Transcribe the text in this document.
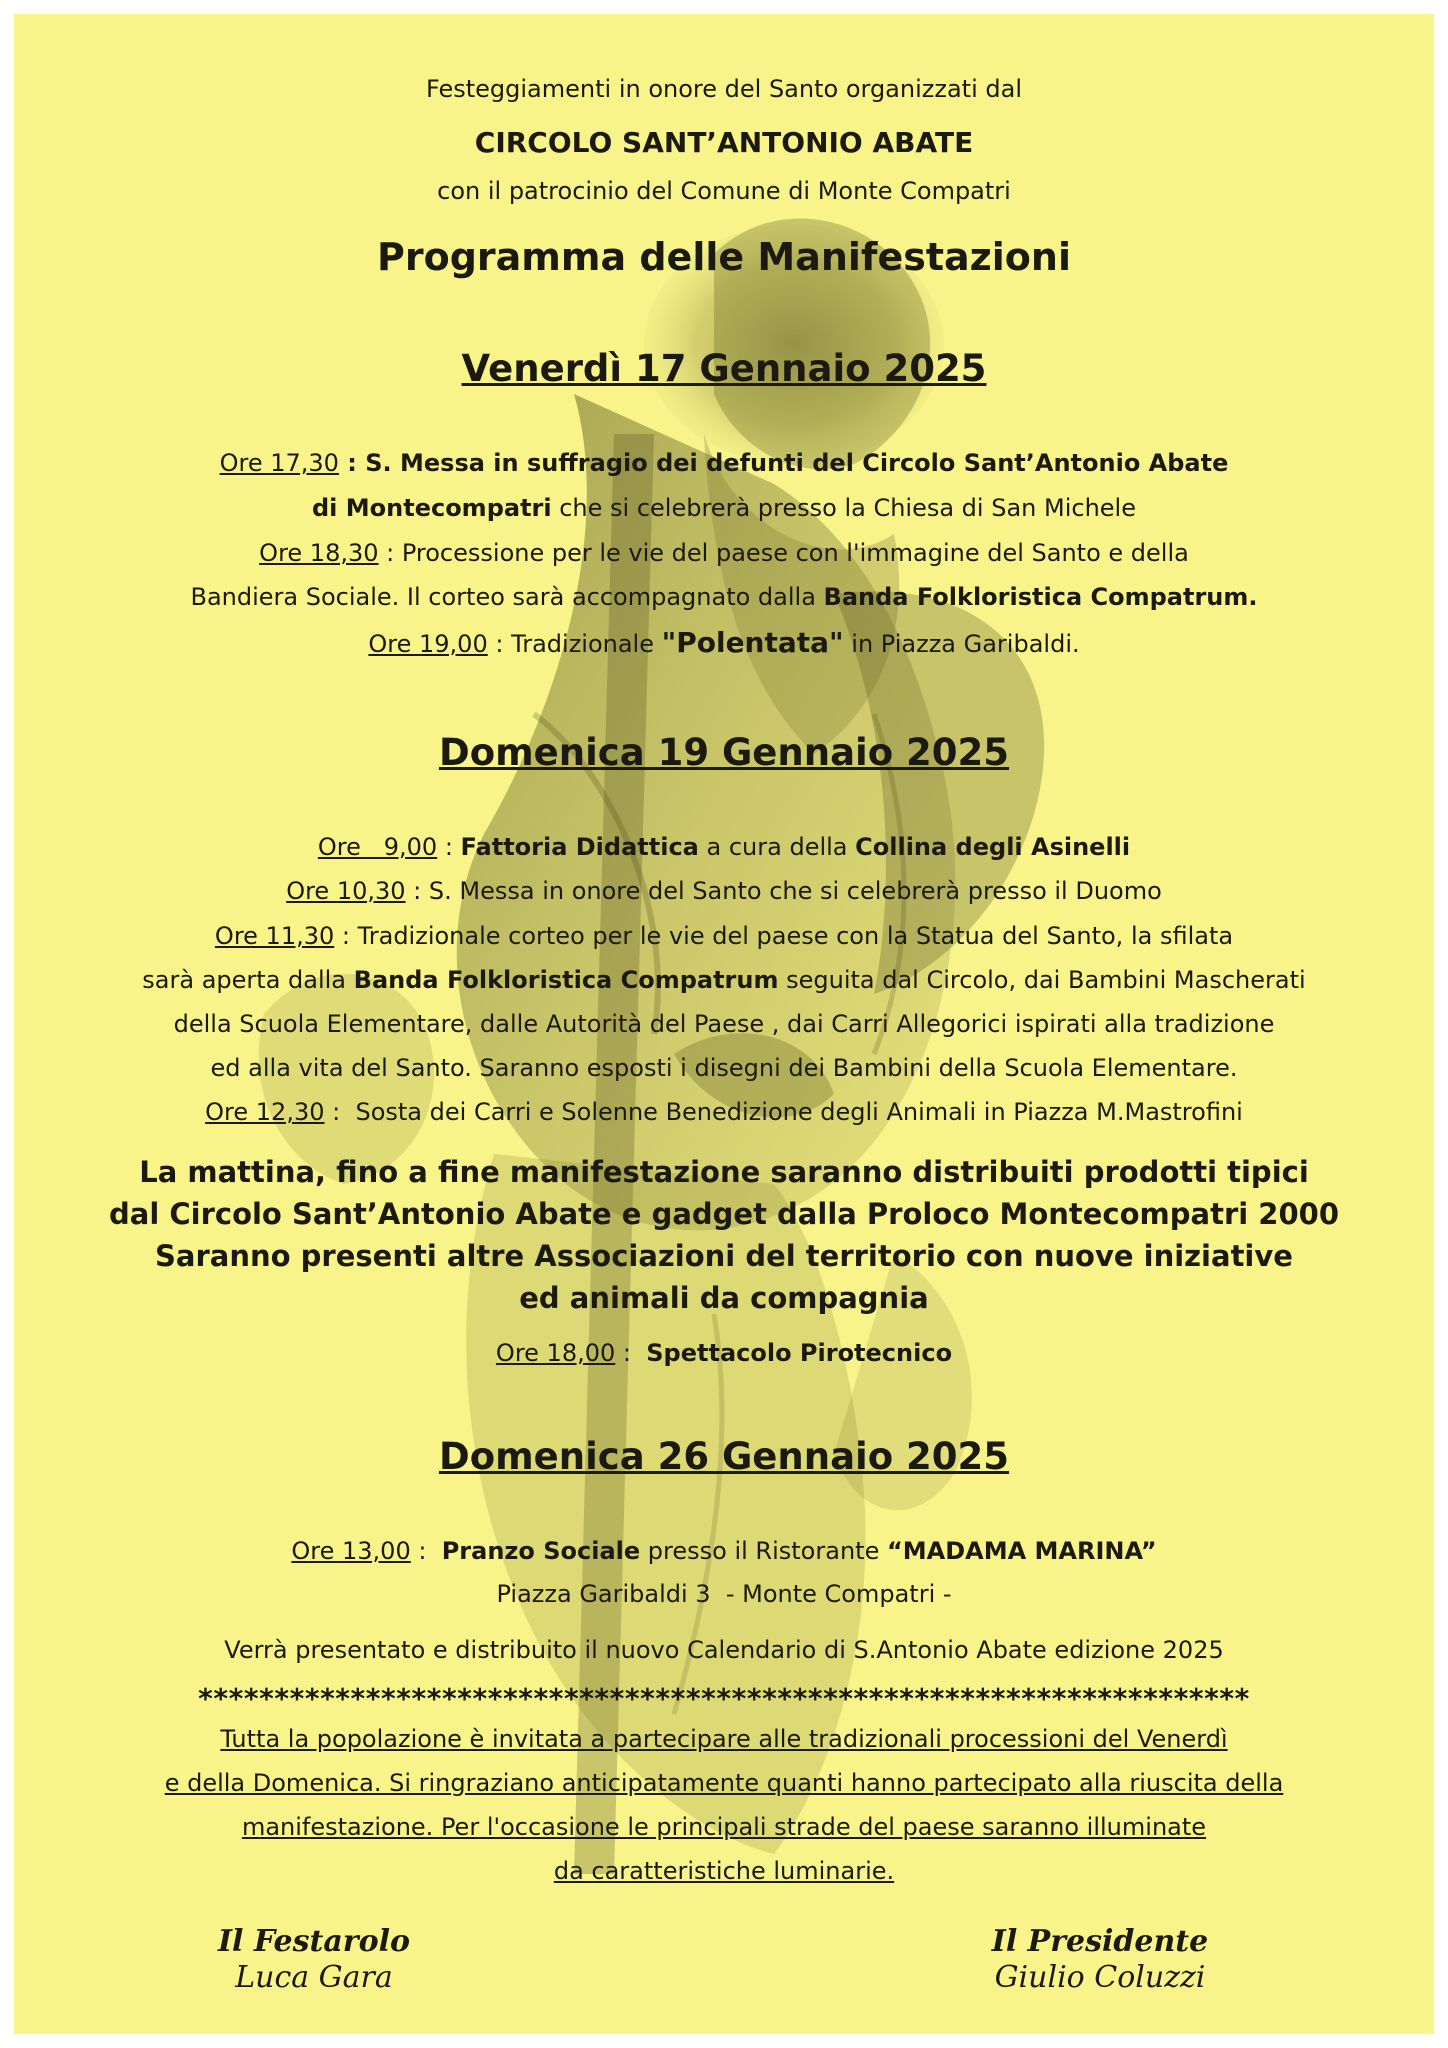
Festeggiamenti in onore del Santo organizzati dal
CIRCOLO SANT’ANTONIO ABATE
con il patrocinio del Comune di Monte Compatri
Programma delle Manifestazioni
Venerdì 17 Gennaio 2025
Ore 17,30 : S. Messa in suffragio dei defunti del Circolo Sant’Antonio Abate
di Montecompatri che si celebrerà presso la Chiesa di San Michele
Ore 18,30 : Processione per le vie del paese con l'immagine del Santo e della
Bandiera Sociale. Il corteo sarà accompagnato dalla Banda Folkloristica Compatrum.
Ore 19,00 : Tradizionale "Polentata" in Piazza Garibaldi.
Domenica 19 Gennaio 2025
Ore   9,00 : Fattoria Didattica a cura della Collina degli Asinelli
Ore 10,30 : S. Messa in onore del Santo che si celebrerà presso il Duomo
Ore 11,30 : Tradizionale corteo per le vie del paese con la Statua del Santo, la sfilata
sarà aperta dalla Banda Folkloristica Compatrum seguita dal Circolo, dai Bambini Mascherati
della Scuola Elementare, dalle Autorità del Paese , dai Carri Allegorici ispirati alla tradizione
ed alla vita del Santo. Saranno esposti i disegni dei Bambini della Scuola Elementare.
Ore 12,30 :  Sosta dei Carri e Solenne Benedizione degli Animali in Piazza M.Mastrofini
La mattina, fino a fine manifestazione saranno distribuiti prodotti tipici
dal Circolo Sant’Antonio Abate e gadget dalla Proloco Montecompatri 2000
Saranno presenti altre Associazioni del territorio con nuove iniziative
ed animali da compagnia
Ore 18,00 :  Spettacolo Pirotecnico
Domenica 26 Gennaio 2025
Ore 13,00 :  Pranzo Sociale presso il Ristorante “MADAMA MARINA”
Piazza Garibaldi 3  - Monte Compatri -
Verrà presentato e distribuito il nuovo Calendario di S.Antonio Abate edizione 2025
*********************************************************************
Tutta la popolazione è invitata a partecipare alle tradizionali processioni del Venerdì
e della Domenica. Si ringraziano anticipatamente quanti hanno partecipato alla riuscita della
manifestazione. Per l'occasione le principali strade del paese saranno illuminate
da caratteristiche luminarie.
Il Festarolo
Luca Gara
Il Presidente
Giulio Coluzzi
